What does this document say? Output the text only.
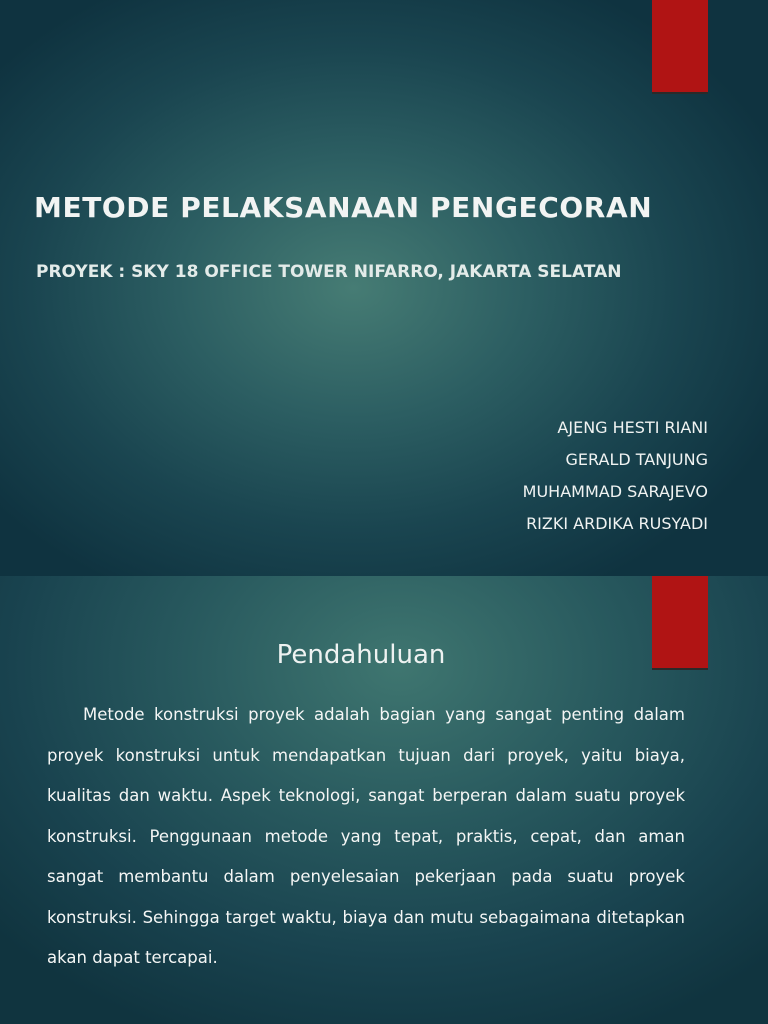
METODE PELAKSANAAN PENGECORAN

PROYEK : SKY 18 OFFICE TOWER NIFARRO, JAKARTA SELATAN

AJENG HESTI RIANI
GERALD TANJUNG
MUHAMMAD SARAJEVO
RIZKI ARDIKA RUSYADI
Pendahuluan

Metode konstruksi proyek adalah bagian yang sangat penting dalam proyek konstruksi untuk mendapatkan tujuan dari proyek, yaitu biaya, kualitas dan waktu. Aspek teknologi, sangat berperan dalam suatu proyek konstruksi. Penggunaan metode yang tepat, praktis, cepat, dan aman sangat membantu dalam penyelesaian pekerjaan pada suatu proyek konstruksi. Sehingga target waktu, biaya dan mutu sebagaimana ditetapkan akan dapat tercapai.
